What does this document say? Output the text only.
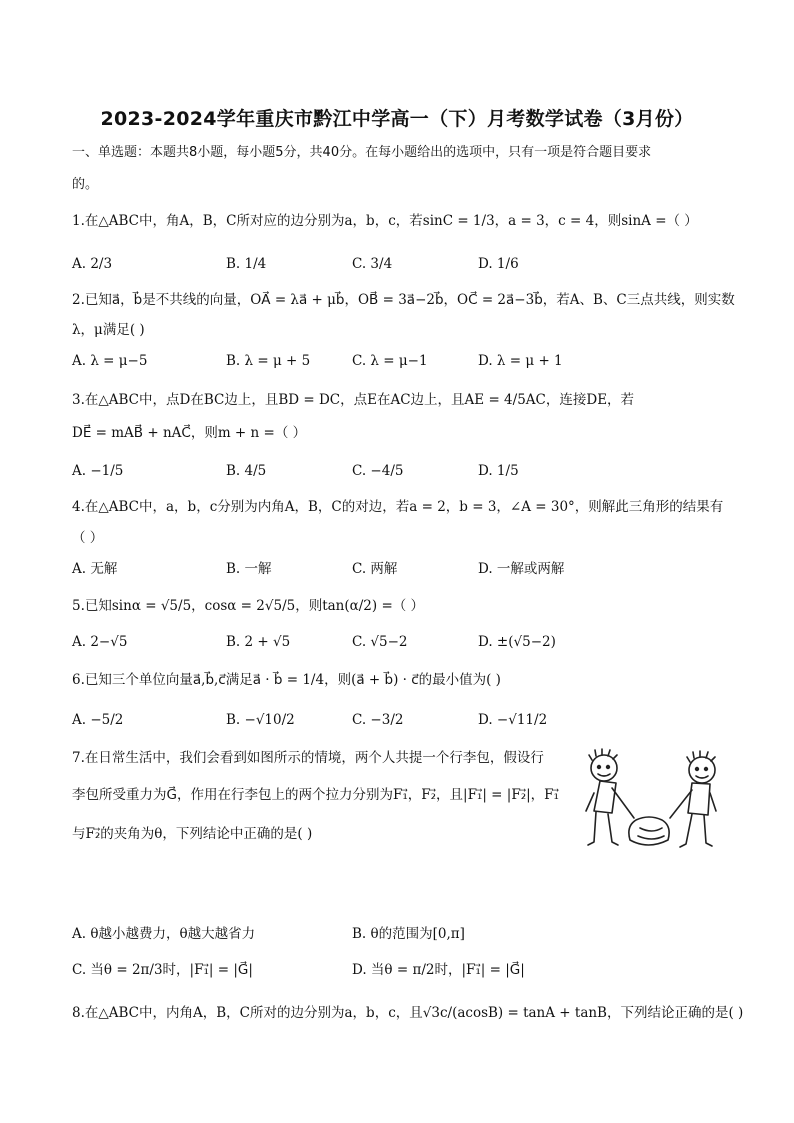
2023-2024学年重庆市黔江中学高一（下）月考数学试卷（3月份）
一、单选题：本题共8小题，每小题5分，共40分。在每小题给出的选项中，只有一项是符合题目要求
的。
1.在△ABC中，角A，B，C所对应的边分别为a，b，c，若sinC = 1/3，a = 3，c = 4，则sinA =（ ）
A. 2/3	B. 1/4	C. 3/4	D. 1/6
2.已知a⃗，b⃗是不共线的向量，OA⃗ = λa⃗ + μb⃗，OB⃗ = 3a⃗−2b⃗，OC⃗ = 2a⃗−3b⃗，若A、B、C三点共线，则实数
λ，μ满足( )
A. λ = μ−5	B. λ = μ + 5	C. λ = μ−1	D. λ = μ + 1
3.在△ABC中，点D在BC边上，且BD = DC，点E在AC边上，且AE = 4/5AC，连接DE，若
DE⃗ = mAB⃗ + nAC⃗，则m + n =（ ）
A. −1/5	B. 4/5	C. −4/5	D. 1/5
4.在△ABC中，a，b，c分别为内角A，B，C的对边，若a = 2，b = 3，∠A = 30°，则解此三角形的结果有
（ ）
A. 无解	B. 一解	C. 两解	D. 一解或两解
5.已知sinα = √5/5，cosα = 2√5/5，则tan(α/2) =（ ）
A. 2−√5	B. 2 + √5	C. √5−2	D. ±(√5−2)
6.已知三个单位向量a⃗,b⃗,c⃗满足a⃗ · b⃗ = 1/4，则(a⃗ + b⃗) · c⃗的最小值为( )
A. −5/2	B. −√10/2	C. −3/2	D. −√11/2
7.在日常生活中，我们会看到如图所示的情境，两个人共提一个行李包，假设行
李包所受重力为G⃗，作用在行李包上的两个拉力分别为F₁⃗，F₂⃗，且|F₁⃗| = |F₂⃗|，F₁⃗
与F₂⃗的夹角为θ，下列结论中正确的是( )
A. θ越小越费力，θ越大越省力	B. θ的范围为[0,π]
C. 当θ = 2π/3时，|F₁⃗| = |G⃗|	D. 当θ = π/2时，|F₁⃗| = |G⃗|
8.在△ABC中，内角A，B，C所对的边分别为a，b，c，且√3c/(acosB) = tanA + tanB，下列结论正确的是( )
